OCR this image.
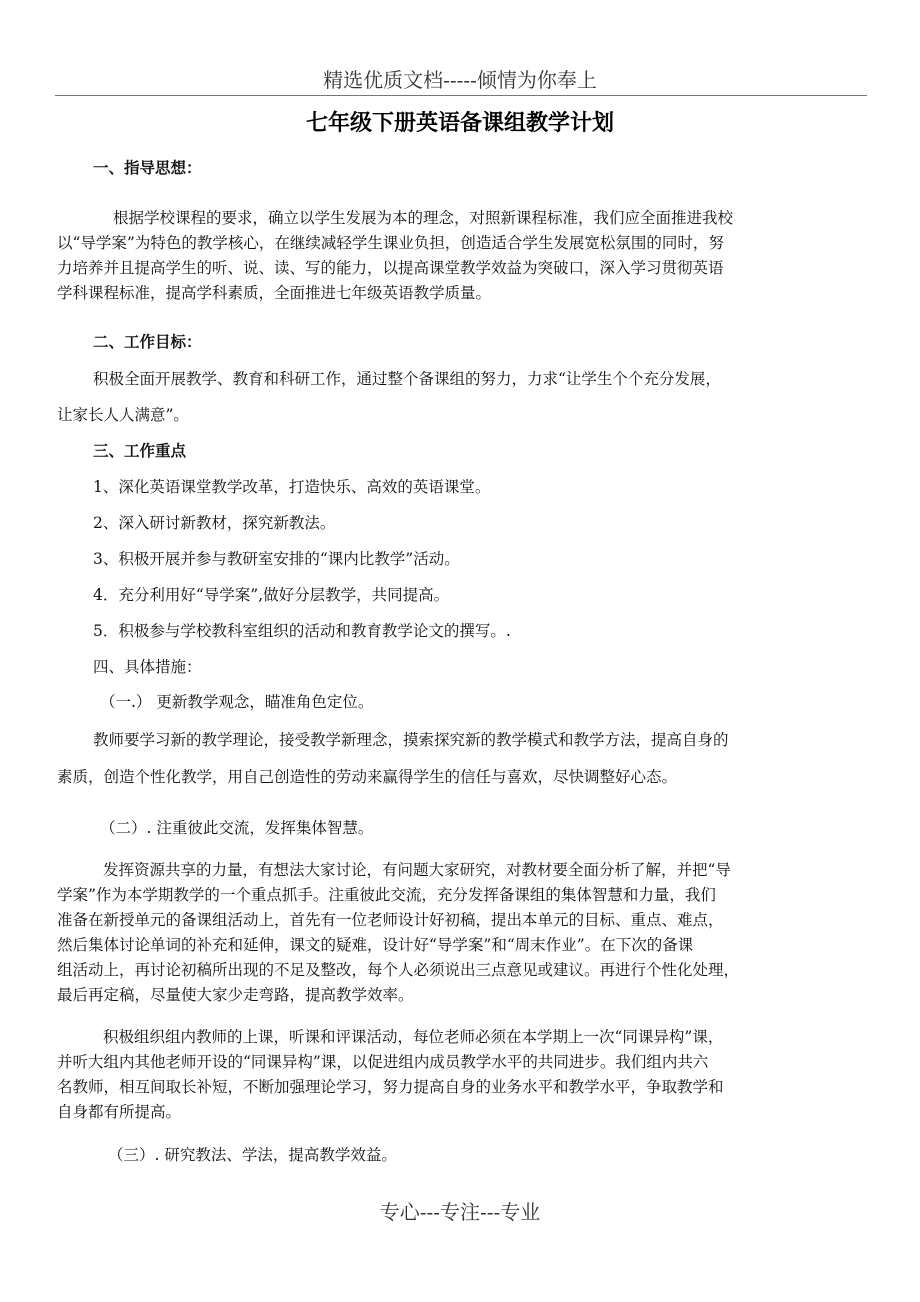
精选优质文档-----倾情为你奉上
七年级下册英语备课组教学计划
一、指导思想：
根据学校课程的要求，确立以学生发展为本的理念，对照新课程标准，我们应全面推进我校
以“导学案”为特色的教学核心，在继续减轻学生课业负担，创造适合学生发展宽松氛围的同时，努
力培养并且提高学生的听、说、读、写的能力，以提高课堂教学效益为突破口，深入学习贯彻英语
学科课程标准，提高学科素质，全面推进七年级英语教学质量。
二、工作目标：
积极全面开展教学、教育和科研工作，通过整个备课组的努力，力求“让学生个个充分发展，
让家长人人满意”。
三、工作重点
1、深化英语课堂教学改革，打造快乐、高效的英语课堂。
2、深入研讨新教材，探究新教法。
3、积极开展并参与教研室安排的“课内比教学”活动。
4．充分利用好“导学案”,做好分层教学，共同提高。
5．积极参与学校教科室组织的活动和教育教学论文的撰写。.
四、具体措施：
（一.） 更新教学观念，瞄准角色定位。
教师要学习新的教学理论，接受教学新理念，摸索探究新的教学模式和教学方法，提高自身的
素质，创造个性化教学，用自己创造性的劳动来赢得学生的信任与喜欢，尽快调整好心态。
（二）. 注重彼此交流，发挥集体智慧。
发挥资源共享的力量，有想法大家讨论，有问题大家研究，对教材要全面分析了解，并把“导
学案”作为本学期教学的一个重点抓手。注重彼此交流，充分发挥备课组的集体智慧和力量，我们
准备在新授单元的备课组活动上，首先有一位老师设计好初稿，提出本单元的目标、重点、难点，
然后集体讨论单词的补充和延伸，课文的疑难，设计好“导学案”和“周末作业”。在下次的备课
组活动上，再讨论初稿所出现的不足及整改，每个人必须说出三点意见或建议。再进行个性化处理，
最后再定稿，尽量使大家少走弯路，提高教学效率。
积极组织组内教师的上课，听课和评课活动，每位老师必须在本学期上一次“同课异构”课，
并听大组内其他老师开设的“同课异构”课，以促进组内成员教学水平的共同进步。我们组内共六
名教师，相互间取长补短，不断加强理论学习，努力提高自身的业务水平和教学水平，争取教学和
自身都有所提高。
（三）. 研究教法、学法，提高教学效益。
专心---专注---专业
